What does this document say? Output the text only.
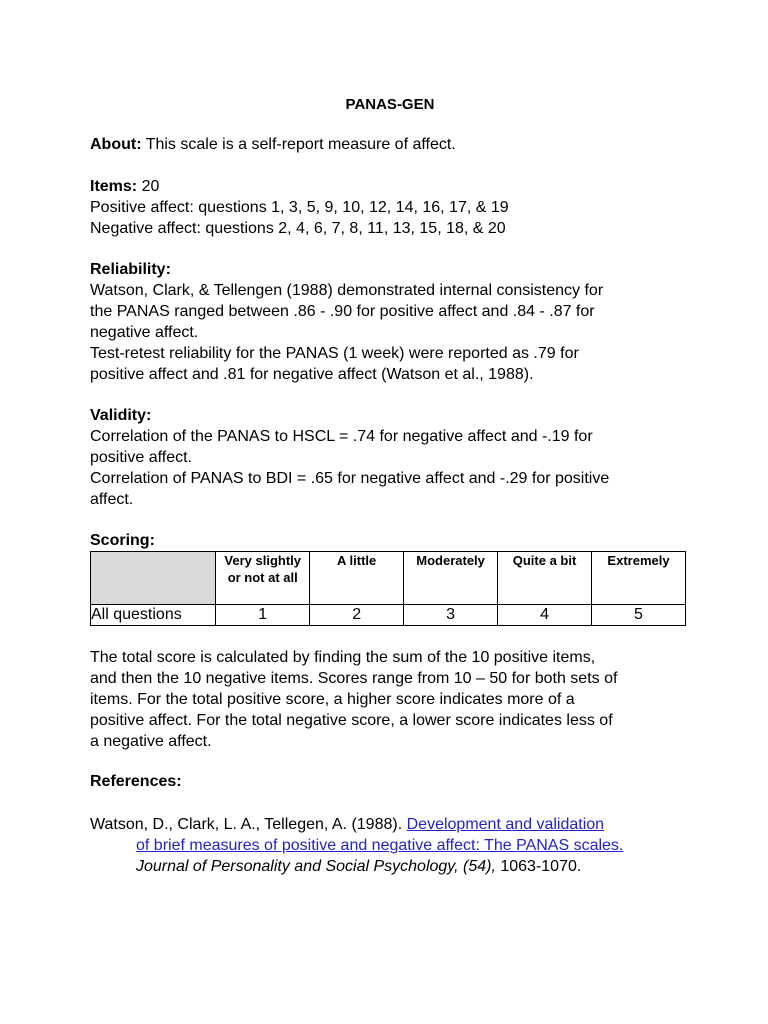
PANAS-GEN

About: This scale is a self-report measure of affect.

Items: 20

Positive affect: questions 1, 3, 5, 9, 10, 12, 14, 16, 17, & 19

Negative affect: questions 2, 4, 6, 7, 8, 11, 13, 15, 18, & 20

Reliability:

Watson, Clark, & Tellengen (1988) demonstrated internal consistency for

the PANAS ranged between .86 - .90 for positive affect and .84 - .87 for

negative affect.

Test-retest reliability for the PANAS (1 week) were reported as .79 for

positive affect and .81 for negative affect (Watson et al., 1988).

Validity:

Correlation of the PANAS to HSCL = .74 for negative affect and -.19 for

positive affect.

Correlation of PANAS to BDI = .65 for negative affect and -.29 for positive

affect.

Scoring:

	Very slightly or not at all	A little	Moderately	Quite a bit	Extremely
All questions	1	2	3	4	5

The total score is calculated by finding the sum of the 10 positive items,

and then the 10 negative items. Scores range from 10 – 50 for both sets of

items. For the total positive score, a higher score indicates more of a

positive affect. For the total negative score, a lower score indicates less of

a negative affect.

References:

Watson, D., Clark, L. A., Tellegen, A. (1988). Development and validation

of brief measures of positive and negative affect: The PANAS scales.

Journal of Personality and Social Psychology, (54), 1063-1070.
